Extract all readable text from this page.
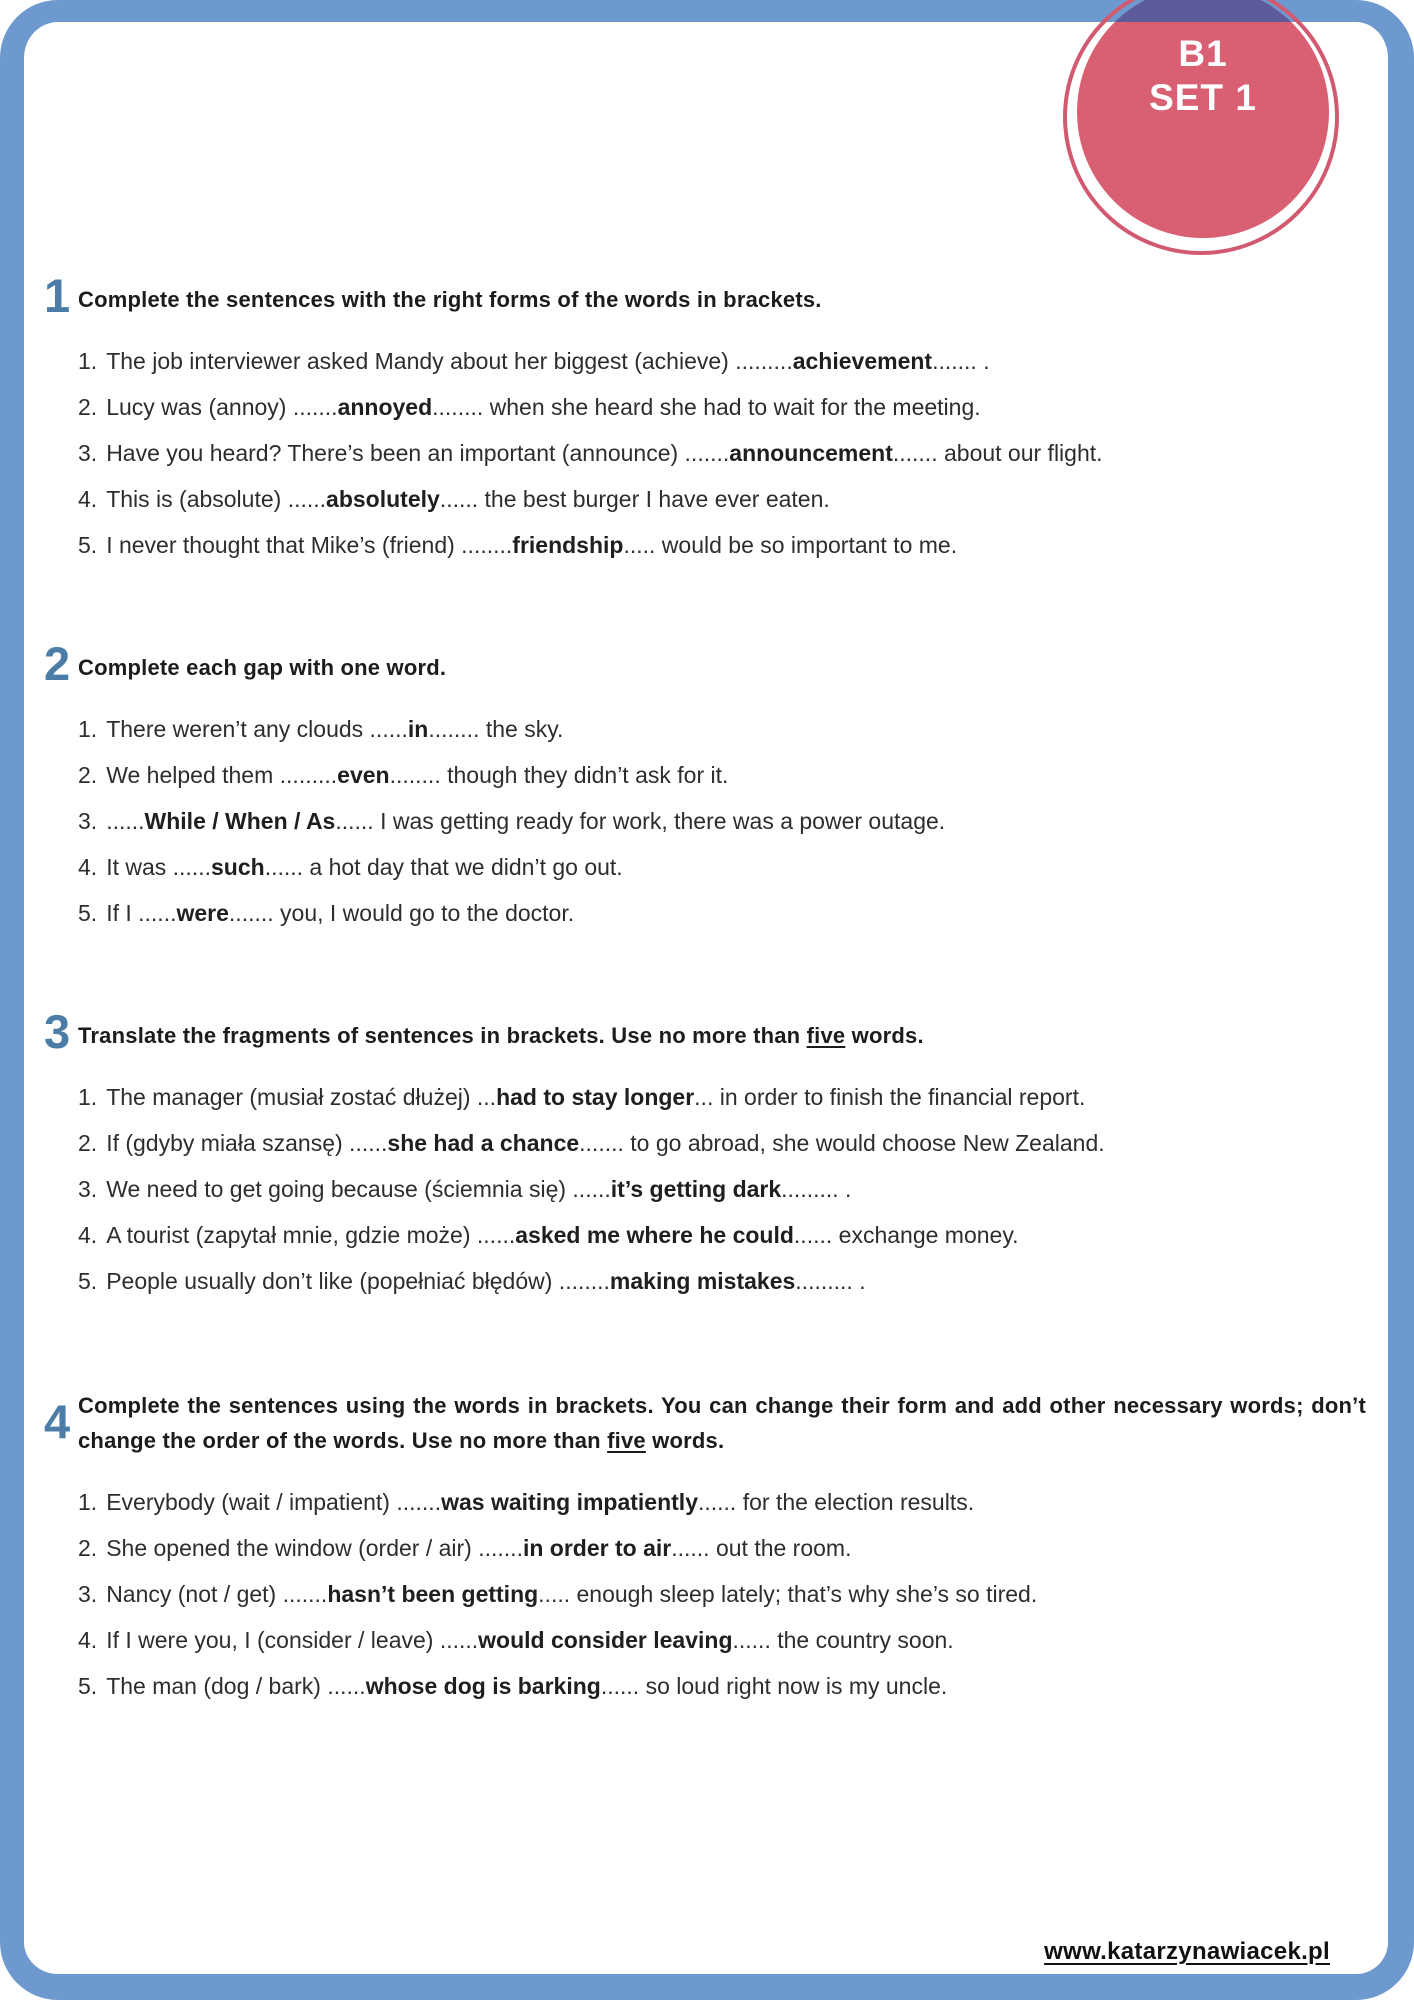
B1
SET 1
1 Complete the sentences with the right forms of the words in brackets.
1. The job interviewer asked Mandy about her biggest (achieve) .........achievement....... .
2. Lucy was (annoy) .......annoyed........ when she heard she had to wait for the meeting.
3. Have you heard? There’s been an important (announce) .......announcement....... about our flight.
4. This is (absolute) ......absolutely...... the best burger I have ever eaten.
5. I never thought that Mike’s (friend) ........friendship..... would be so important to me.
2 Complete each gap with one word.
1. There weren’t any clouds ......in........ the sky.
2. We helped them .........even........ though they didn’t ask for it.
3. ......While / When / As...... I was getting ready for work, there was a power outage.
4. It was ......such...... a hot day that we didn’t go out.
5. If I ......were....... you, I would go to the doctor.
3 Translate the fragments of sentences in brackets. Use no more than five words.
1. The manager (musiał zostać dłużej) ...had to stay longer... in order to finish the financial report.
2. If (gdyby miała szansę) ......she had a chance....... to go abroad, she would choose New Zealand.
3. We need to get going because (ściemnia się) ......it’s getting dark......... .
4. A tourist (zapytał mnie, gdzie może) ......asked me where he could...... exchange money.
5. People usually don’t like (popełniać błędów) ........making mistakes......... .
4 Complete the sentences using the words in brackets. You can change their form and add other necessary words; don’t change the order of the words. Use no more than five words.
1. Everybody (wait / impatient) .......was waiting impatiently...... for the election results.
2. She opened the window (order / air) .......in order to air...... out the room.
3. Nancy (not / get) .......hasn’t been getting..... enough sleep lately; that’s why she’s so tired.
4. If I were you, I (consider / leave) ......would consider leaving...... the country soon.
5. The man (dog / bark) ......whose dog is barking...... so loud right now is my uncle.
www.katarzynawiacek.pl
